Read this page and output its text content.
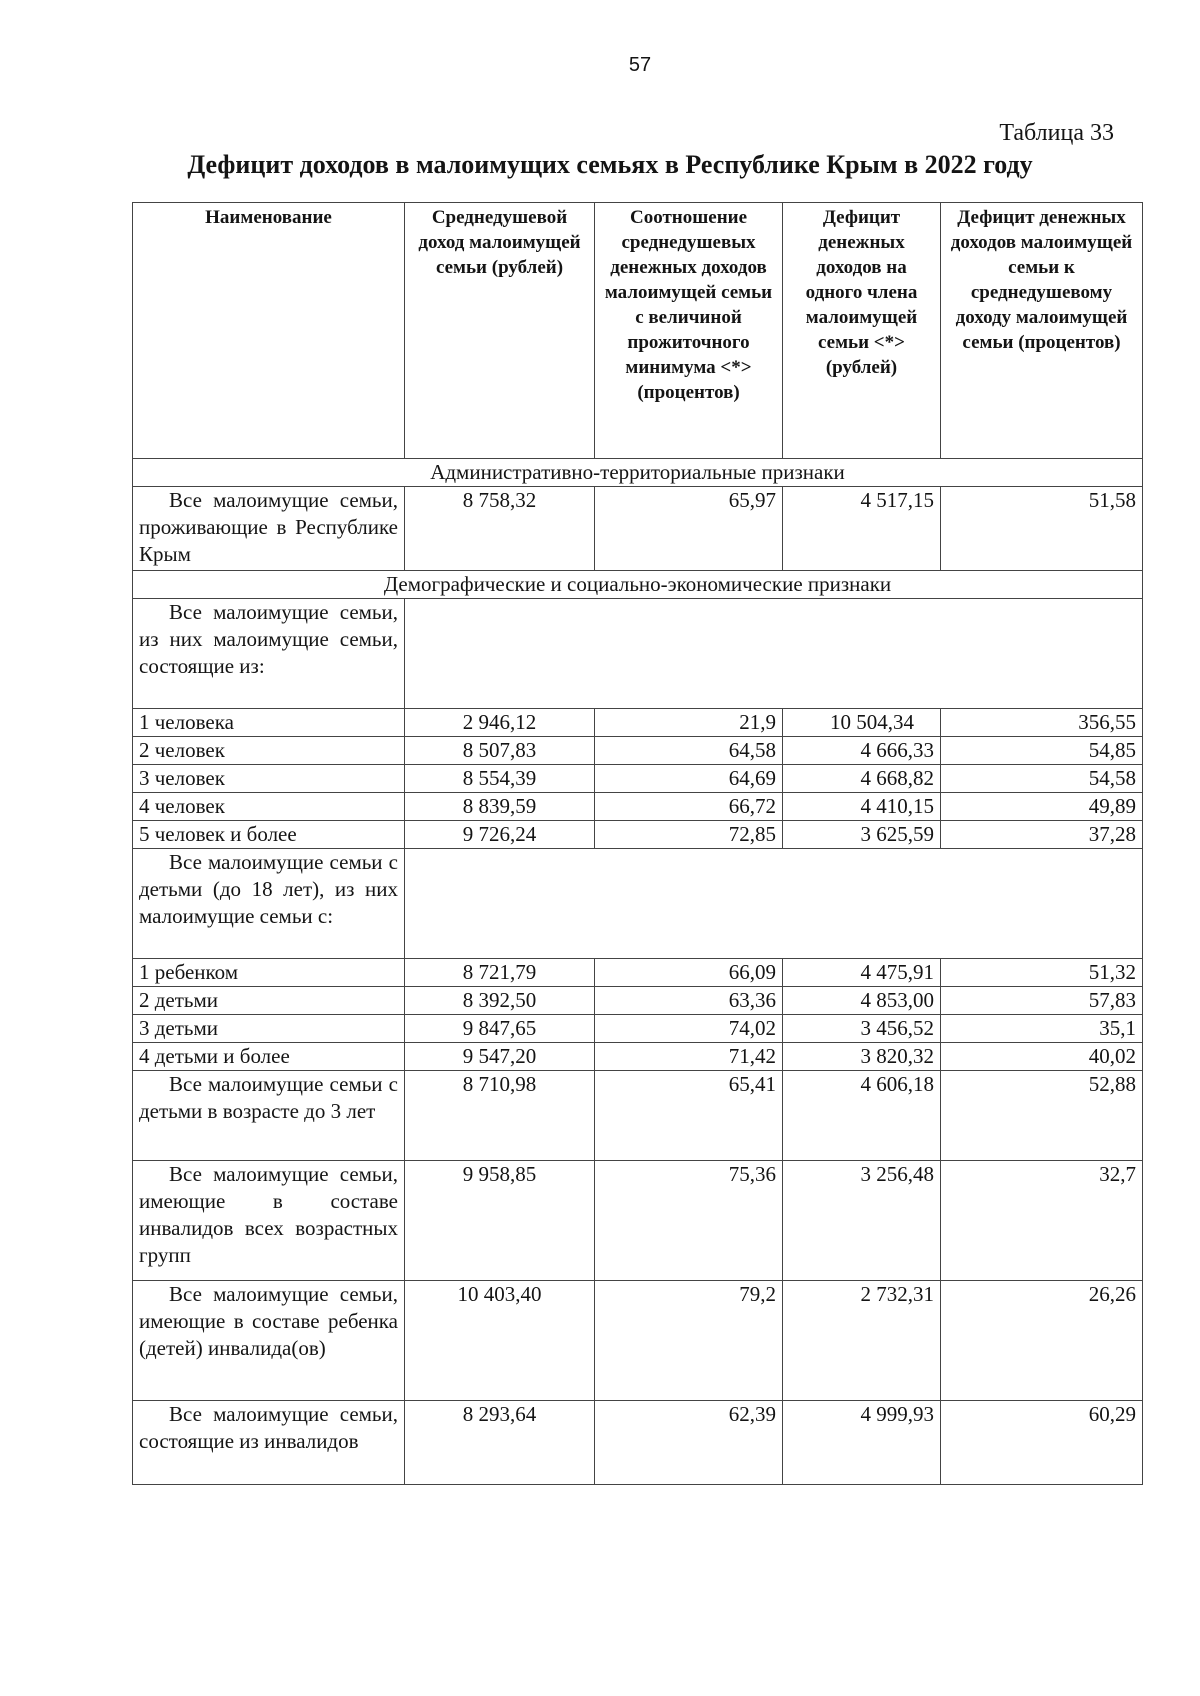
57
Таблица 33
Дефицит доходов в малоимущих семьях в Республике Крым в 2022 году
Наименование	Среднедушевой доход малоимущей семьи (рублей)	Соотношение среднедушевых денежных доходов малоимущей семьи с величиной прожиточного минимума <*> (процентов)	Дефицит денежных доходов на одного члена малоимущей семьи <*> (рублей)	Дефицит денежных доходов малоимущей семьи к среднедушевому доходу малоимущей семьи (процентов)
Административно-территориальные признаки				
Все малоимущие семьи, проживающие в Республике Крым	8 758,32	65,97	4 517,15	51,58
Демографические и социально-экономические признаки				
Все малоимущие семьи, из них малоимущие семьи, состоящие из:				
1 человека	2 946,12	21,9	10 504,34	356,55
2 человек	8 507,83	64,58	4 666,33	54,85
3 человек	8 554,39	64,69	4 668,82	54,58
4 человек	8 839,59	66,72	4 410,15	49,89
5 человек и более	9 726,24	72,85	3 625,59	37,28
Все малоимущие семьи с детьми (до 18 лет), из них малоимущие семьи с:				
1 ребенком	8 721,79	66,09	4 475,91	51,32
2 детьми	8 392,50	63,36	4 853,00	57,83
3 детьми	9 847,65	74,02	3 456,52	35,1
4 детьми и более	9 547,20	71,42	3 820,32	40,02
Все малоимущие семьи с детьми в возрасте до 3 лет	8 710,98	65,41	4 606,18	52,88
Все малоимущие семьи, имеющие в составе инвалидов всех возрастных групп	9 958,85	75,36	3 256,48	32,7
Все малоимущие семьи, имеющие в составе ребенка (детей) инвалида(ов)	10 403,40	79,2	2 732,31	26,26
Все малоимущие семьи, состоящие из инвалидов	8 293,64	62,39	4 999,93	60,29
